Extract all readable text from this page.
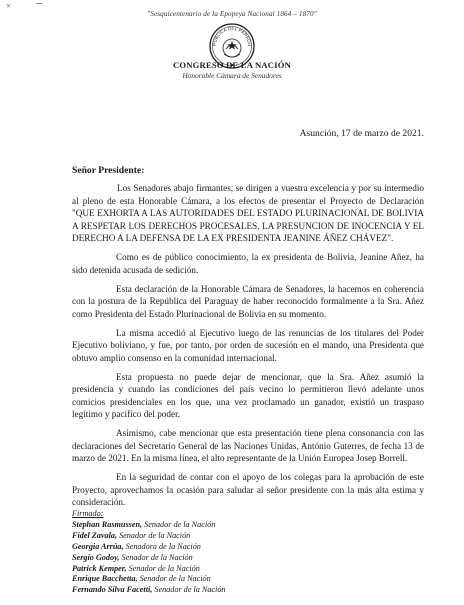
×
"Sesquicentenario de la Epopeya Nacional 1864 – 1870"
PUBLICA DEL PARAGU
CONGRESO DE LA NACIÓN
Honorable Cámara de Senadores
Asunción, 17 de marzo de 2021.
Señor Presidente:

Los Senadores abajo firmantes, se dirigen a vuestra excelencia y por su intermedio al pleno de esta Honorable Cámara, a los efectos de presentar el Proyecto de Declaración "QUE EXHORTA A LAS AUTORIDADES DEL ESTADO PLURINACIONAL DE BOLIVIA A RESPETAR LOS DERECHOS PROCESALES, LA PRESUNCION DE INOCENCIA Y EL DERECHO A LA DEFENSA DE LA EX PRESIDENTA JEANINE ÁÑEZ CHÁVEZ".

Como es de público conocimiento, la ex presidenta de Bolivia, Jeanine Añez, ha sido detenida acusada de sedición.

Esta declaración de la Honorable Cámara de Senadores, la hacemos en coherencia con la postura de la República del Paraguay de haber reconocido formalmente a la Sra. Añez como Presidenta del Estado Plurinacional de Bolivia en su momento.

La misma accedió al Ejecutivo luego de las renuncias de los titulares del Poder Ejecutivo boliviano, y fue, por tanto, por orden de sucesión en el mando, una Presidenta que obtuvo amplio consenso en la comunidad internacional.

Esta propuesta no puede dejar de mencionar, que la Sra. Añez asumió la presidencia y cuando las condiciones del país vecino lo permitieron llevó adelante unos comicios presidenciales en los que, una vez proclamado un ganador, existió un traspaso legítimo y pacífico del poder.

Asimismo, cabe mencionar que esta presentación tiene plena consonancia con las declaraciones del Secretario General de las Naciones Unidas, António Guterres, de fecha 13 de marzo de 2021. En la misma línea, el alto representante de la Unión Europea Josep Borrell.

En la seguridad de contar con el apoyo de los colegas para la aprobación de este Proyecto, aprovechamos la ocasión para saludar al señor presidente con la más alta estima y consideración.

Firmado:
Stephan Rasmussen, Senador de la Nación
Fidel Zavala, Senador de la Nación
Georgia Arrúa, Senadora de la Nación
Sergio Godoy, Senador de la Nación
Patrick Kemper, Senador de la Nación
Enrique Bacchetta, Senador de la Nación
Fernando Silva Facetti, Senador de la Nación
